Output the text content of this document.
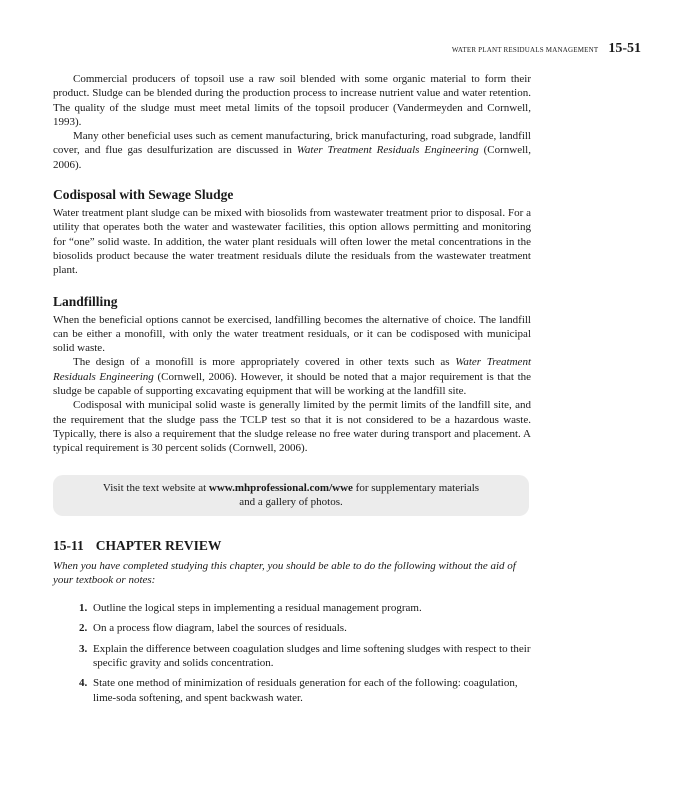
WATER PLANT RESIDUALS MANAGEMENT 15-51

Commercial producers of topsoil use a raw soil blended with some organic material to form their product. Sludge can be blended during the production process to increase nutrient value and water retention. The quality of the sludge must meet metal limits of the topsoil producer (Vandermeyden and Cornwell, 1993).

Many other beneficial uses such as cement manufacturing, brick manufacturing, road subgrade, landfill cover, and flue gas desulfurization are discussed in Water Treatment Residuals Engineering (Cornwell, 2006).

Codisposal with Sewage Sludge

Water treatment plant sludge can be mixed with biosolids from wastewater treatment prior to disposal. For a utility that operates both the water and wastewater facilities, this option allows permitting and monitoring for “one” solid waste. In addition, the water plant residuals will often lower the metal concentrations in the biosolids product because the water treatment residuals dilute the residuals from the wastewater treatment plant.

Landfilling

When the beneficial options cannot be exercised, landfilling becomes the alternative of choice. The landfill can be either a monofill, with only the water treatment residuals, or it can be codisposed with municipal solid waste.

The design of a monofill is more appropriately covered in other texts such as Water Treatment Residuals Engineering (Cornwell, 2006). However, it should be noted that a major requirement is that the sludge be capable of supporting excavating equipment that will be working at the landfill site.

Codisposal with municipal solid waste is generally limited by the permit limits of the landfill site, and the requirement that the sludge pass the TCLP test so that it is not considered to be a hazardous waste. Typically, there is also a requirement that the sludge release no free water during transport and placement. A typical requirement is 30 percent solids (Cornwell, 2006).

Visit the text website at www.mhprofessional.com/wwe for supplementary materials
and a gallery of photos.
15-11 CHAPTER REVIEW

When you have completed studying this chapter, you should be able to do the following without the aid of your textbook or notes:

1. Outline the logical steps in implementing a residual management program.
2. On a process flow diagram, label the sources of residuals.
3. Explain the difference between coagulation sludges and lime softening sludges with respect to their specific gravity and solids concentration.
4. State one method of minimization of residuals generation for each of the following: coagulation, lime-soda softening, and spent backwash water.
